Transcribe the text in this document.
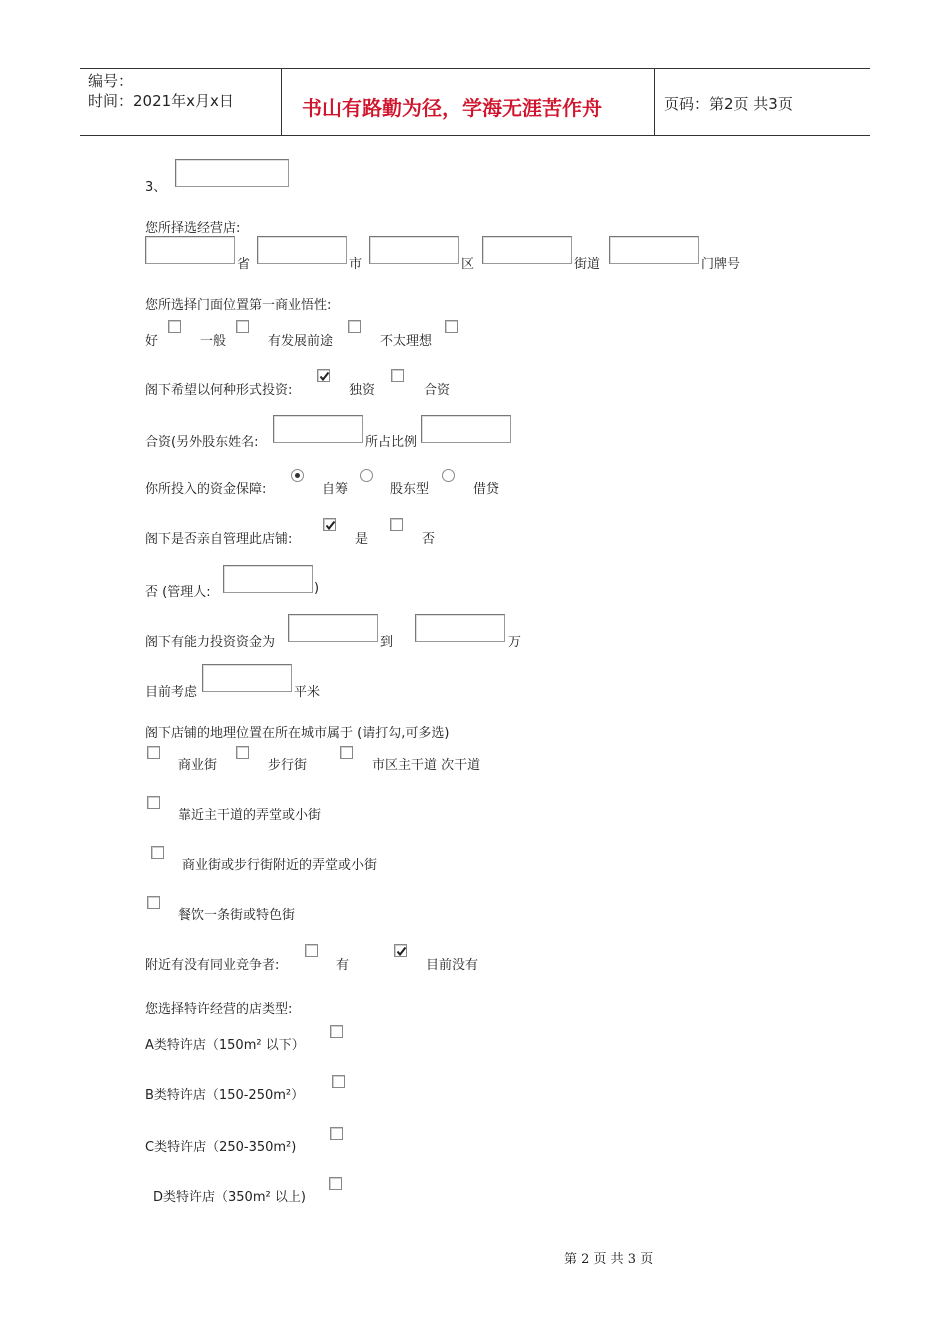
编号：
时间：2021年x月x日	书山有路勤为径，学海无涯苦作舟	页码：第2页 共3页
3、
您所择选经营店:
省	市	区	街道	门牌号
您所选择门面位置第一商业悟性:
好	一般	有发展前途	不太理想
阁下希望以何种形式投资:	独资	合资
合资(另外股东姓名:	所占比例
你所投入的资金保障:	自筹	股东型	借贷
阁下是否亲自管理此店铺:	是	否
否 (管理人:	)
阁下有能力投资资金为	到	万
目前考虑	平米
阁下店铺的地理位置在所在城市属于 (请打勾,可多选)
商业街	步行街	市区主干道 次干道
靠近主干道的弄堂或小街
商业街或步行街附近的弄堂或小街
餐饮一条街或特色街
附近有没有同业竞争者:	有	目前没有
您选择特许经营的店类型:
A类特许店（150m² 以下）
B类特许店（150-250m²）
C类特许店（250-350m²)
D类特许店（350m² 以上)
第 2 页 共 3 页
